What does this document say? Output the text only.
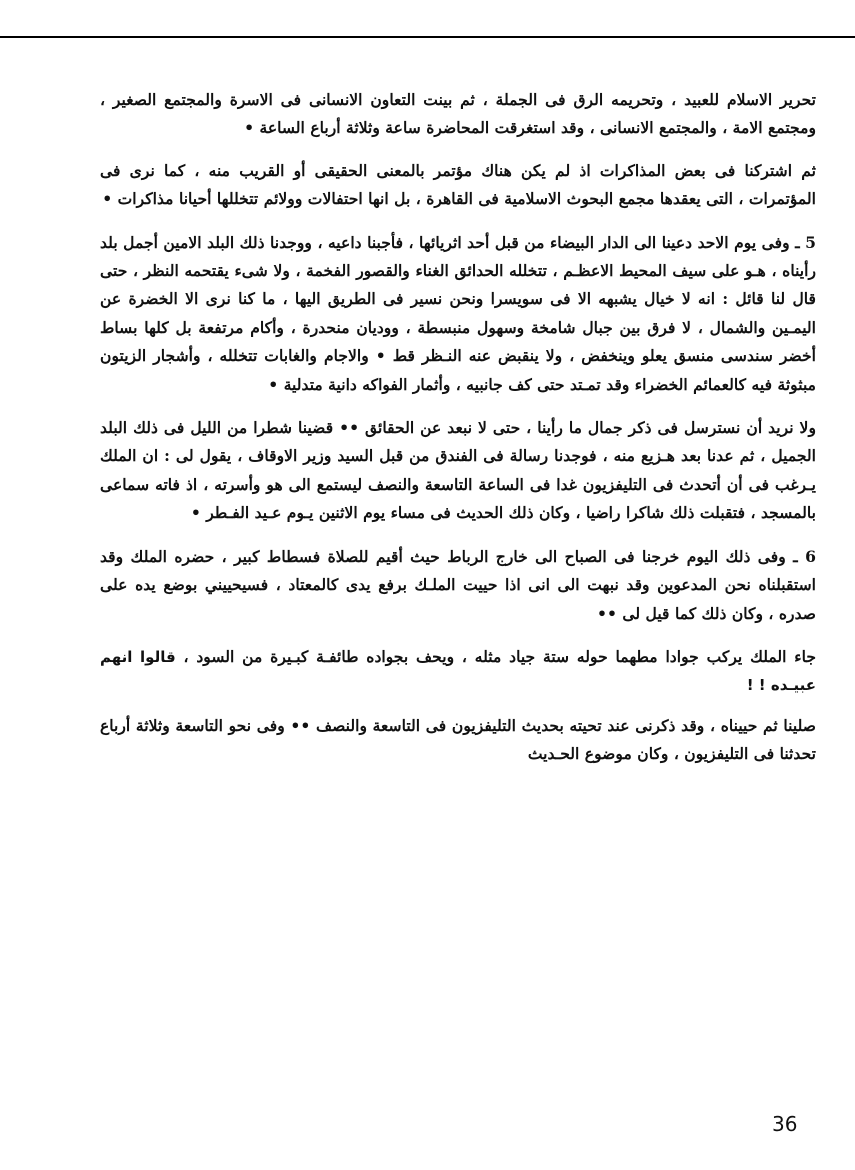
تحرير الاسلام للعبيد ، وتحريمه الرق فى الجملة ، ثم بينت التعاون الانسانى فى الاسرة والمجتمع الصغير ، ومجتمع الامة ، والمجتمع الانسانى ، وقد استغرقت المحاضرة ساعة وثلاثة أرباع الساعة •

ثم اشتركنا فى بعض المذاكرات اذ لم يكن هناك مؤتمر بالمعنى الحقيقى أو القريب منه ، كما نرى فى المؤتمرات ، التى يعقدها مجمع البحوث الاسلامية فى القاهرة ، بل انها احتفالات وولائم تتخللها أحيانا مذاكرات •

5 ـ وفى يوم الاحد دعينا الى الدار البيضاء من قبل أحد اثريائها ، فأجبنا داعيه ، ووجدنا ذلك البلد الامين أجمل بلد رأيناه ، هـو على سيف المحيط الاعظـم ، تتخلله الحدائق الغناء والقصور الفخمة ، ولا شىء يقتحمه النظر ، حتى قال لنا قائل : انه لا خيال يشبهه الا فى سويسرا ونحن نسير فى الطريق اليها ، ما كنا نرى الا الخضرة عن اليمـين والشمال ، لا فرق بين جبال شامخة وسهول منبسطة ، ووديان منحدرة ، وأكام مرتفعة بل كلها بساط أخضر سندسى منسق يعلو وينخفض ، ولا ينقبض عنه النـظر قط • والاجام والغابات تتخلله ، وأشجار الزيتون مبثوثة فيه كالعمائم الخضراء وقد تمـتد حتى كف جانبيه ، وأثمار الفواكه دانية متدلية •

ولا نريد أن نسترسل فى ذكر جمال ما رأينا ، حتى لا نبعد عن الحقائق •• قضينا شطرا من الليل فى ذلك البلد الجميل ، ثم عدنا بعد هـزيع منه ، فوجدنا رسالة فى الفندق من قبل السيد وزير الاوقاف ، يقول لى : ان الملك يـرغب فى أن أتحدث فى التليفزيون غدا فى الساعة التاسعة والنصف ليستمع الى هو وأسرته ، اذ فاته سماعى بالمسجد ، فتقبلت ذلك شاكرا راضيا ، وكان ذلك الحديث فى مساء يوم الاثنين يـوم عـيد الفـطر •

6 ـ وفى ذلك اليوم خرجنا فى الصباح الى خارج الرباط حيث أقيم للصلاة فسطاط كبير ، حضره الملك وقد استقبلناه نحن المدعوين وقد نبهت الى انى اذا حييت الملـك برفع يدى كالمعتاد ، فسيحييني بوضع يده على صدره ، وكان ذلك كما قيل لى ••

جاء الملك يركب جوادا مطهما حوله ستة جياد مثله ، ويحف بجواده طائفـة كبـيرة من السود ، قالوا انهم عبيـده ! !

صلينا ثم حييناه ، وقد ذكرنى عند تحيته بحديث التليفزيون فى التاسعة والنصف •• وفى نحو التاسعة وثلاثة أرباع تحدثنا فى التليفزيون ، وكان موضوع الحـديث

36
